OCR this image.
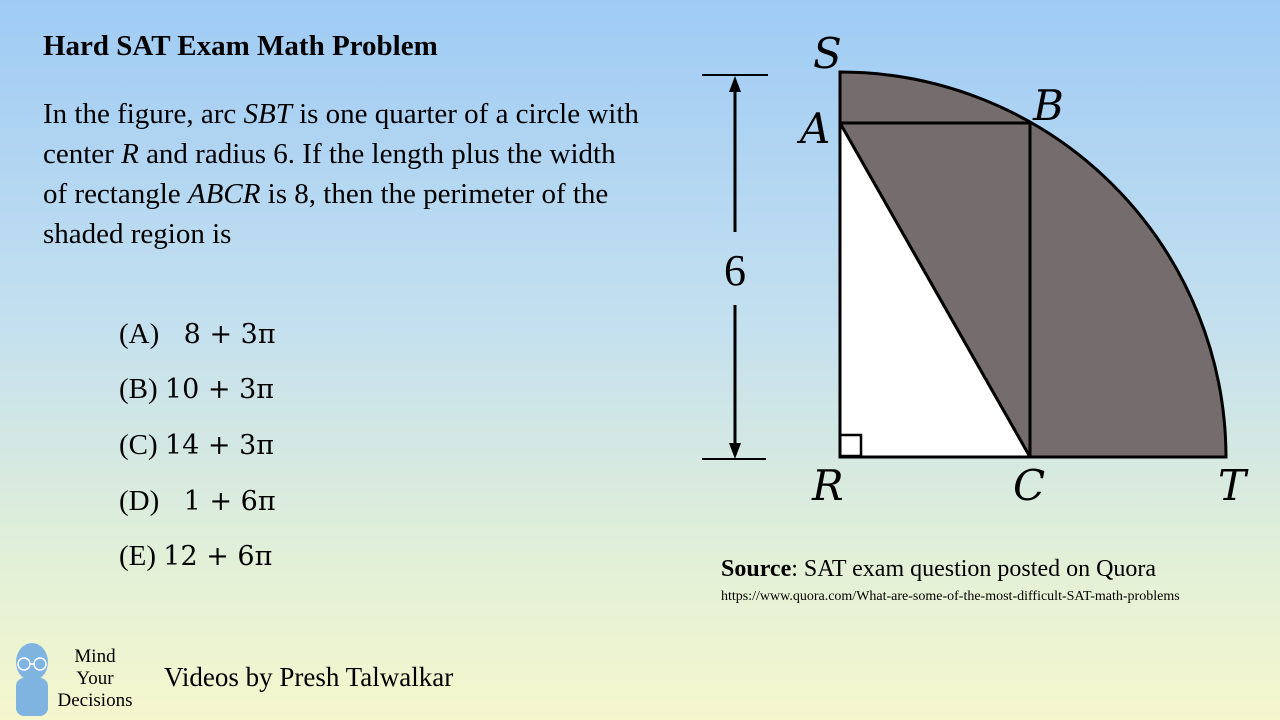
Hard SAT Exam Math Problem
In the figure, arc SBT is one quarter of a circle with center R and radius 6. If the length plus the width of rectangle ABCR is 8, then the perimeter of the shaded region is
(A)   8 + 3π
(B) 10 + 3π
(C) 14 + 3π
(D)   1 + 6π
(E) 12 + 6π
6
S
A	B
R	C	T
Source: SAT exam question posted on Quora
https://www.quora.com/What-are-some-of-the-most-difficult-SAT-math-problems
Mind
Your
Decisions
Videos by Presh Talwalkar
